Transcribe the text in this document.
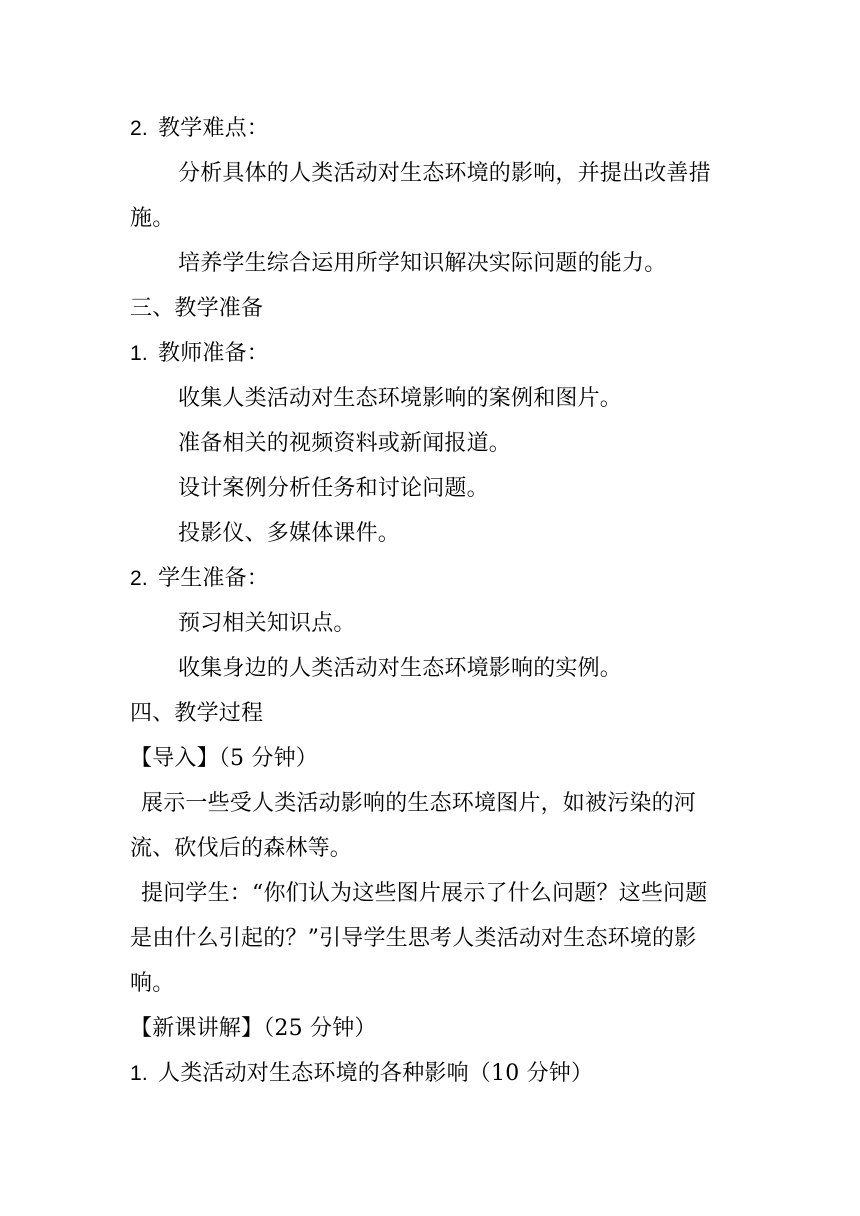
2. 教学难点：
分析具体的人类活动对生态环境的影响，并提出改善措
施。
培养学生综合运用所学知识解决实际问题的能力。
三、教学准备
1. 教师准备：
收集人类活动对生态环境影响的案例和图片。
准备相关的视频资料或新闻报道。
设计案例分析任务和讨论问题。
投影仪、多媒体课件。
2. 学生准备：
预习相关知识点。
收集身边的人类活动对生态环境影响的实例。
四、教学过程
【导入】（5 分钟）
展示一些受人类活动影响的生态环境图片，如被污染的河
流、砍伐后的森林等。
提问学生：“你们认为这些图片展示了什么问题？这些问题
是由什么引起的？”引导学生思考人类活动对生态环境的影
响。
【新课讲解】（25 分钟）
1. 人类活动对生态环境的各种影响（10 分钟）
